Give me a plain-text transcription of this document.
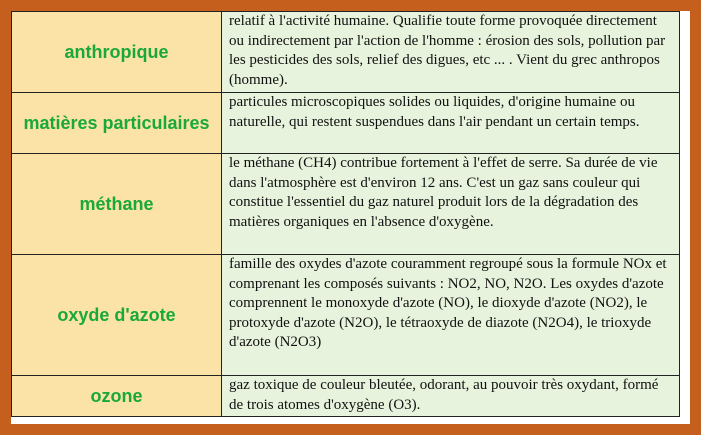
anthropique	relatif à l'activité humaine. Qualifie toute forme provoquée directement ou indirectement par l'action de l'homme : érosion des sols, pollution par les pesticides des sols, relief des digues, etc ... . Vient du grec anthropos (homme).

matières particulaires	particules microscopiques solides ou liquides, d'origine humaine ou naturelle, qui restent suspendues dans l'air pendant un certain temps.

méthane	le méthane (CH4) contribue fortement à l'effet de serre. Sa durée de vie dans l'atmosphère est d'environ 12 ans. C'est un gaz sans couleur qui constitue l'essentiel du gaz naturel produit lors de la dégradation des matières organiques en l'absence d'oxygène.

oxyde d'azote	famille des oxydes d'azote couramment regroupé sous la formule NOx et comprenant les composés suivants : NO2, NO, N2O. Les oxydes d'azote comprennent le monoxyde d'azote (NO), le dioxyde d'azote (NO2), le protoxyde d'azote (N2O), le tétraoxyde de diazote (N2O4), le trioxyde d'azote (N2O3)

ozone	gaz toxique de couleur bleutée, odorant, au pouvoir très oxydant, formé de trois atomes d'oxygène (O3).
